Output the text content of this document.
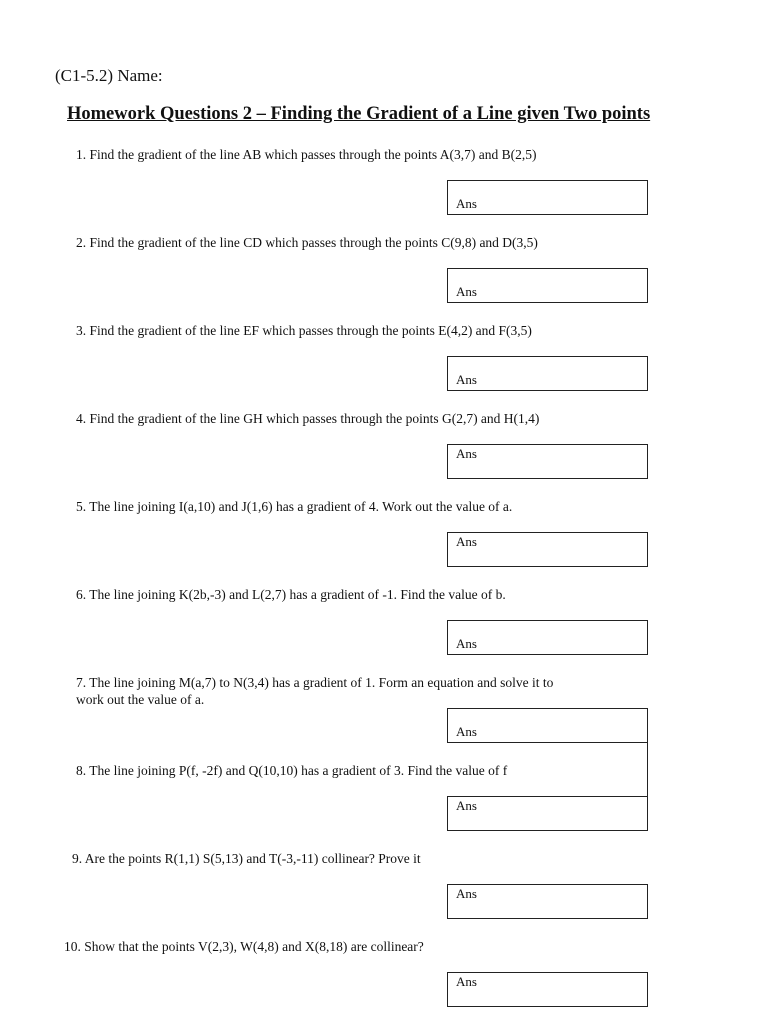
(C1-5.2) Name:
Homework Questions 2 – Finding the Gradient of a Line given Two points
1. Find the gradient of the line AB which passes through the points A(3,7) and B(2,5)
Ans
2. Find the gradient of the line CD which passes through the points C(9,8) and D(3,5)
Ans
3. Find the gradient of the line EF which passes through the points E(4,2) and F(3,5)
Ans
4. Find the gradient of the line GH which passes through the points G(2,7) and H(1,4)
Ans
5. The line joining I(a,10) and J(1,6) has a gradient of 4. Work out the value of a.
Ans
6. The line joining K(2b,-3) and L(2,7) has a gradient of -1. Find the value of b.
Ans
7. The line joining M(a,7) to N(3,4) has a gradient of 1. Form an equation and solve it to
work out the value of a.
Ans
8. The line joining P(f, -2f) and Q(10,10) has a gradient of 3. Find the value of f
Ans
9. Are the points R(1,1) S(5,13) and T(-3,-11) collinear? Prove it
Ans
10. Show that the points V(2,3), W(4,8) and X(8,18) are collinear?
Ans
